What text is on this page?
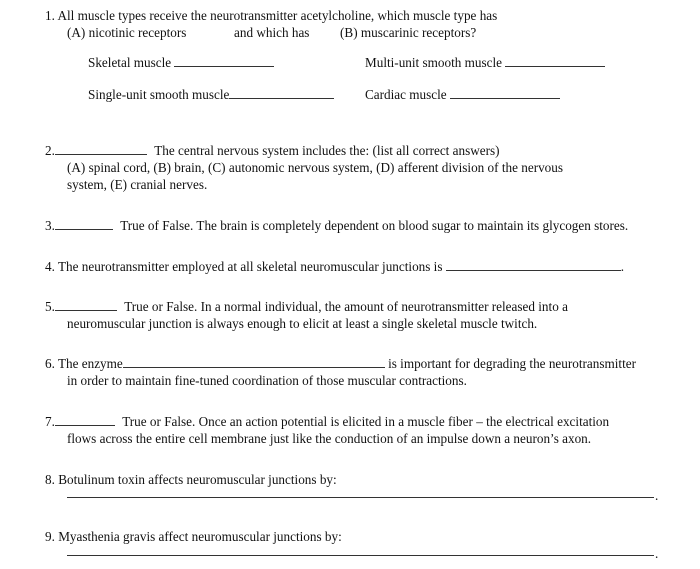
1. All muscle types receive the neurotransmitter acetylcholine, which muscle type has
(A) nicotinic receptors	and which has (B) muscarinic receptors?
Skeletal muscle	Multi-unit smooth muscle
Single-unit smooth muscle	Cardiac muscle
2.	The central nervous system includes the: (list all correct answers)
(A) spinal cord, (B) brain, (C) autonomic nervous system, (D) afferent division of the nervous
system, (E) cranial nerves.
3.	True of False. The brain is completely dependent on blood sugar to maintain its glycogen stores.
4. The neurotransmitter employed at all skeletal neuromuscular junctions is	.
5.	True or False. In a normal individual, the amount of neurotransmitter released into a
neuromuscular junction is always enough to elicit at least a single skeletal muscle twitch.
6. The enzyme	is important for degrading the neurotransmitter
in order to maintain fine-tuned coordination of those muscular contractions.
7.	True or False. Once an action potential is elicited in a muscle fiber – the electrical excitation
flows across the entire cell membrane just like the conduction of an impulse down a neuron’s axon.
8. Botulinum toxin affects neuromuscular junctions by:
.
9. Myasthenia gravis affect neuromuscular junctions by:
.
